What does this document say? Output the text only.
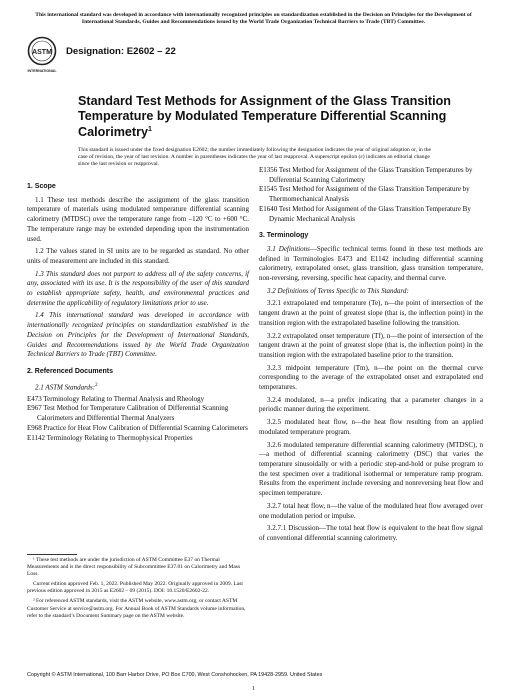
This international standard was developed in accordance with internationally recognized principles on standardization established in the Decision on Principles for the Development of International Standards, Guides and Recommendations issued by the World Trade Organization Technical Barriers to Trade (TBT) Committee.
ASTM
INTERNATIONAL
Designation: E2602 – 22
Standard Test Methods for Assignment of the Glass Transition Temperature by Modulated Temperature Differential Scanning Calorimetry$^1$
This standard is issued under the fixed designation E2602; the number immediately following the designation indicates the year of original adoption or, in the case of revision, the year of last revision. A number in parentheses indicates the year of last reapproval. A superscript epsilon (ε) indicates an editorial change since the last revision or reapproval.
1. Scope

1.1 These test methods describe the assignment of the glass transition temperature of materials using modulated temperature differential scanning calorimetry (MTDSC) over the temperature range from –120 °C to +600 °C. The temperature range may be extended depending upon the instrumentation used.

1.2 The values stated in SI units are to be regarded as standard. No other units of measurement are included in this standard.

1.3 This standard does not purport to address all of the safety concerns, if any, associated with its use. It is the responsibility of the user of this standard to establish appropriate safety, health, and environmental practices and determine the applicability of regulatory limitations prior to use.

1.4 This international standard was developed in accordance with internationally recognized principles on standardization established in the Decision on Principles for the Development of International Standards, Guides and Recommendations issued by the World Trade Organization Technical Barriers to Trade (TBT) Committee.

2. Referenced Documents

2.1 ASTM Standards:$^2$

E473 Terminology Relating to Thermal Analysis and Rheology

E967 Test Method for Temperature Calibration of Differential Scanning Calorimeters and Differential Thermal Analyzers

E968 Practice for Heat Flow Calibration of Differential Scanning Calorimeters

E1142 Terminology Relating to Thermophysical Properties

E1356 Test Method for Assignment of the Glass Transition Temperatures by Differential Scanning Calorimetry

E1545 Test Method for Assignment of the Glass Transition Temperature by Thermomechanical Analysis

E1640 Test Method for Assignment of the Glass Transition Temperature By Dynamic Mechanical Analysis

3. Terminology

3.1 Definitions—Specific technical terms found in these test methods are defined in Terminologies E473 and E1142 including differential scanning calorimetry, extrapolated onset, glass transition, glass transition temperature, non-reversing, reversing, specific heat capacity, and thermal curve.

3.2 Definitions of Terms Specific to This Standard:

3.2.1 extrapolated end temperature (Te), n—the point of intersection of the tangent drawn at the point of greatest slope (that is, the inflection point) in the transition region with the extrapolated baseline following the transition.

3.2.2 extrapolated onset temperature (Tf), n—the point of intersection of the tangent drawn at the point of greatest slope (that is, the inflection point) in the transition region with the extrapolated baseline prior to the transition.

3.2.3 midpoint temperature (Tm), n—the point on the thermal curve corresponding to the average of the extrapolated onset and extrapolated end temperatures.

3.2.4 modulated, n—a prefix indicating that a parameter changes in a periodic manner during the experiment.

3.2.5 modulated heat flow, n—the heat flow resulting from an applied modulated temperature program.

3.2.6 modulated temperature differential scanning calorimetry (MTDSC), n—a method of differential scanning calorimetry (DSC) that varies the temperature sinusoidally or with a periodic step-and-hold or pulse program to the test specimen over a traditional isothermal or temperature ramp program. Results from the experiment include reversing and nonreversing heat flow and specimen temperature.

3.2.7 total heat flow, n—the value of the modulated heat flow averaged over one modulation period or impulse.

3.2.7.1 Discussion—The total heat flow is equivalent to the heat flow signal of conventional differential scanning calorimetry.

¹ These test methods are under the jurisdiction of ASTM Committee E37 on Thermal Measurements and is the direct responsibility of Subcommittee E37.01 on Calorimetry and Mass Loss.

Current edition approved Feb. 1, 2022. Published May 2022. Originally approved in 2009. Last previous edition approved in 2015 as E2602 – 09 (2015). DOI: 10.1520/E2602-22.

² For referenced ASTM standards, visit the ASTM website, www.astm.org, or contact ASTM Customer Service at service@astm.org. For Annual Book of ASTM Standards volume information, refer to the standard’s Document Summary page on the ASTM website.

Copyright © ASTM International, 100 Barr Harbor Drive, PO Box C700, West Conshohocken, PA 19428-2959. United States
1
